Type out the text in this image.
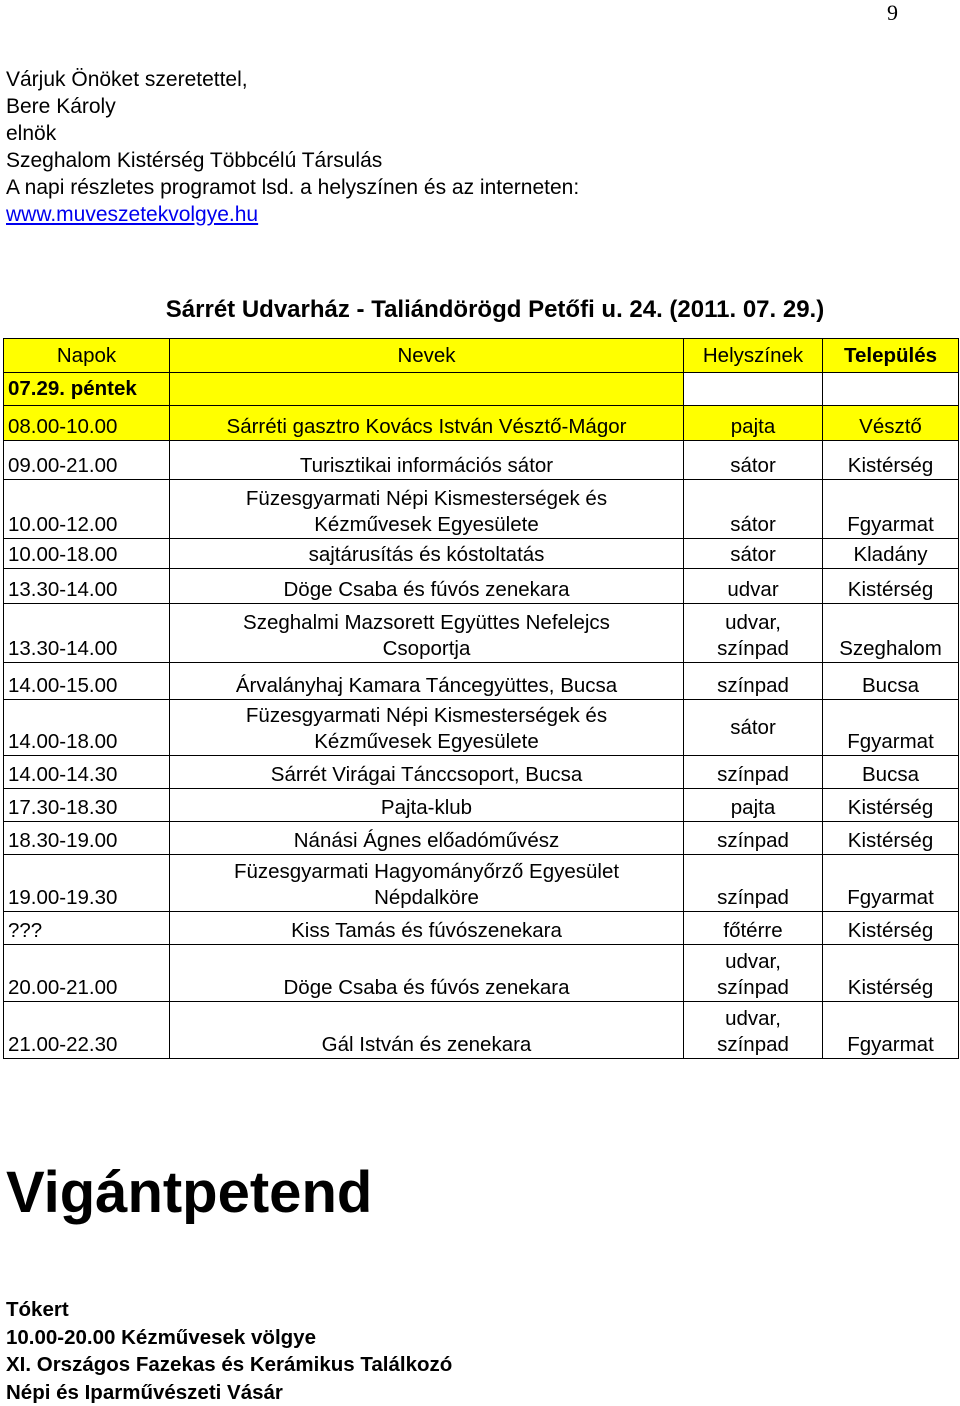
9
Várjuk Önöket szeretettel,
Bere Károly
elnök
Szeghalom Kistérség Többcélú Társulás
A napi részletes programot lsd. a helyszínen és az interneten:
www.muveszetekvolgye.hu
Sárrét Udvarház - Taliándörögd Petőfi u. 24. (2011. 07. 29.)
Napok	Nevek	Helyszínek	Település
07.29. péntek			
08.00-10.00	Sárréti gasztro Kovács István Vésztő-Mágor	pajta	Vésztő
09.00-21.00	Turisztikai információs sátor	sátor	Kistérség
10.00-12.00	Füzesgyarmati Népi Kismesterségek és
Kézművesek Egyesülete	sátor	Fgyarmat
10.00-18.00	sajtárusítás és kóstoltatás	sátor	Kladány
13.30-14.00	Döge Csaba és fúvós zenekara	udvar	Kistérség
13.30-14.00	Szeghalmi Mazsorett Együttes Nefelejcs
Csoportja	udvar,
színpad	Szeghalom
14.00-15.00	Árvalányhaj Kamara Táncegyüttes, Bucsa	színpad	Bucsa
14.00-18.00	Füzesgyarmati Népi Kismesterségek és
Kézművesek Egyesülete	sátor	Fgyarmat
14.00-14.30	Sárrét Virágai Tánccsoport, Bucsa	színpad	Bucsa
17.30-18.30	Pajta-klub	pajta	Kistérség
18.30-19.00	Nánási Ágnes előadóművész	színpad	Kistérség
19.00-19.30	Füzesgyarmati Hagyományőrző Egyesület
Népdalköre	színpad	Fgyarmat
???	Kiss Tamás és fúvószenekara	főtérre	Kistérség
20.00-21.00	Döge Csaba és fúvós zenekara	udvar,
színpad	Kistérség
21.00-22.30	Gál István és zenekara	udvar,
színpad	Fgyarmat
Vigántpetend
Tókert
10.00-20.00 Kézművesek völgye
XI. Országos Fazekas és Kerámikus Találkozó
Népi és Iparművészeti Vásár
